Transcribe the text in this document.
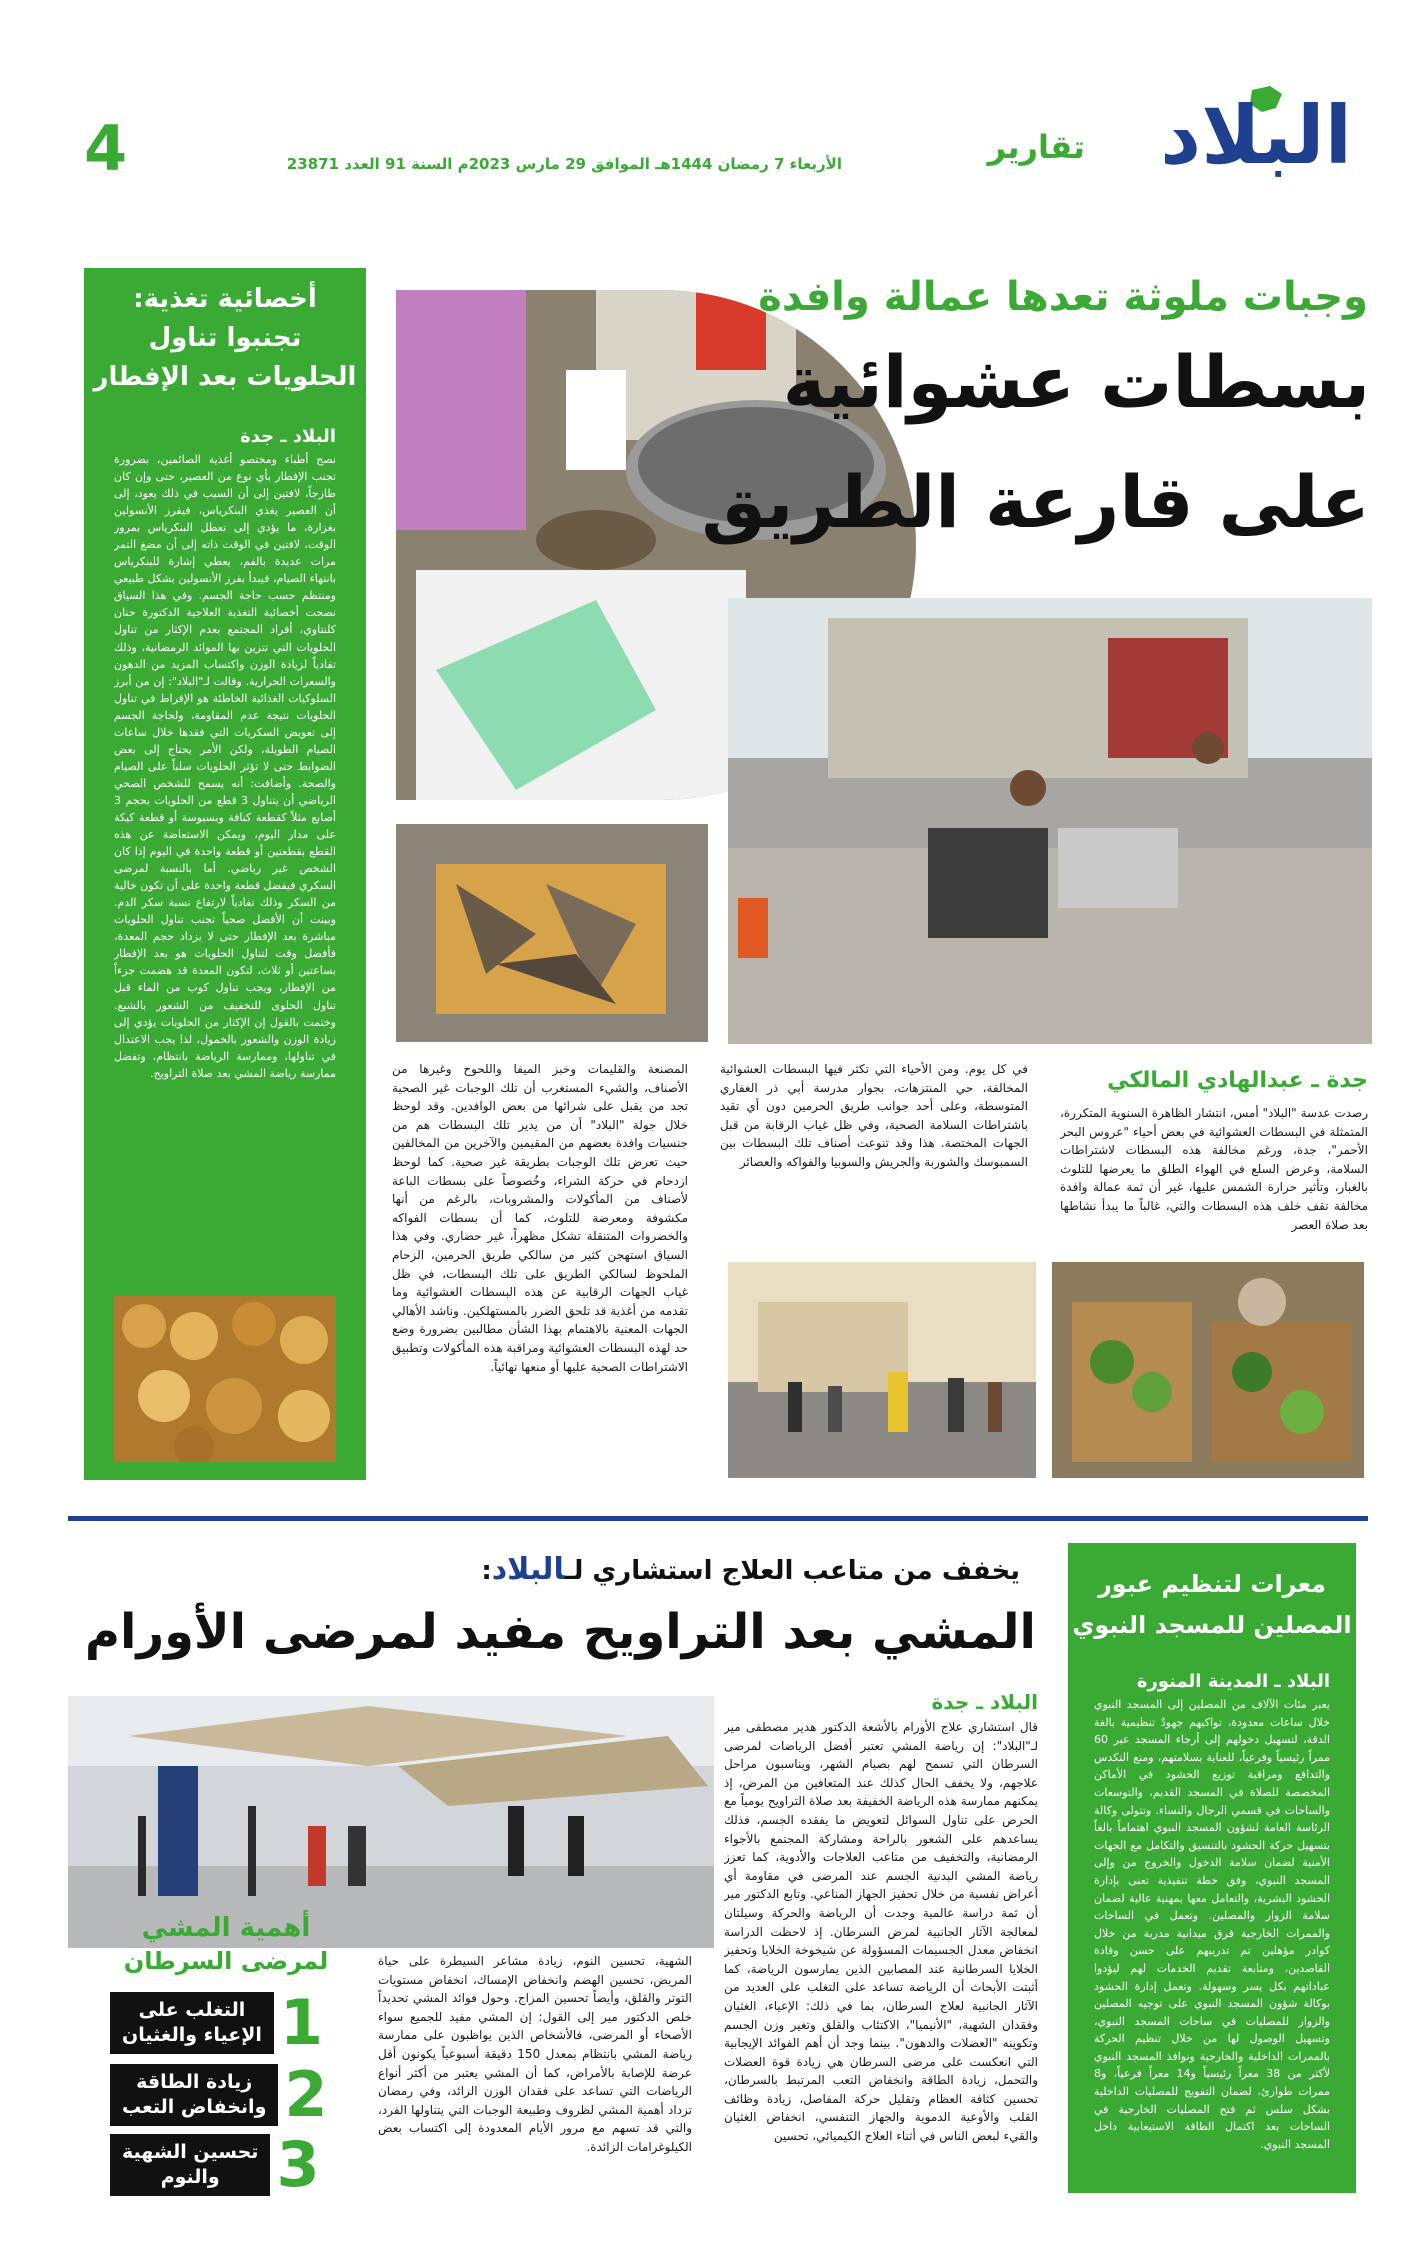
البلاد
تقارير
الأربعاء 7 رمضان 1444هـ الموافق 29 مارس 2023م السنة 91 العدد 23871
4
أخصائية تغذية:
تجنبوا تناول
الحلويات بعد الإفطار
البلاد ـ جدة
نصح أطباء ومختصو أغذية الصائمين، بضرورة تجنب الإفطار بأي نوع من العصير، حتى وإن كان طازجاً، لافتين إلى أن السبب في ذلك يعود، إلى أن العصير يغذي البنكرياس، فيفرز الأنسولين بغزارة، ما يؤدي إلى تعطل البنكرياس بمرور الوقت، لافتين في الوقت ذاته إلى أن مضغ التمر مرات عديدة بالفم، يعطي إشارة للبنكرياس بانتهاء الصيام، فيبدأ بفرز الأنسولين بشكل طبيعي ومنتظم حسب حاجة الجسم. وفي هذا السياق نصحت أخصائية التغذية العلاجية الدكتورة حنان كلنتاوي، أفراد المجتمع بعدم الإكثار من تناول الحلويات التي تتزين بها الموائد الرمضانية، وذلك تفادياً لزيادة الوزن واكتساب المزيد من الدهون والسعرات الحرارية. وقالت لـ"البلاد": إن من أبرز السلوكيات الغذائية الخاطئة هو الإفراط في تناول الحلويات نتيجة عدم المقاومة، ولحاجة الجسم إلى تعويض السكريات التي فقدها خلال ساعات الصيام الطويلة، ولكن الأمر يحتاج إلى بعض الضوابط حتى لا تؤثر الحلويات سلباً على الصيام والصحة. وأضافت: أنه يسمح للشخص الصحي الرياضي أن يتناول 3 قطع من الحلويات بحجم 3 أصابع مثلاً كقطعة كنافة وبسبوسة أو قطعة كيكة على مدار اليوم، ويمكن الاستعاضة عن هذه القطع بقطعتين أو قطعة واحدة في اليوم إذا كان الشخص غير رياضي. أما بالنسبة لمرضى السكري فيفضل قطعة واحدة على أن تكون خالية من السكر وذلك تفادياً لارتفاع نسبة سكر الدم. وبينت أن الأفضل صحياً تجنب تناول الحلويات مباشرة بعد الإفطار حتى لا يزداد حجم المعدة، فأفضل وقت لتناول الحلويات هو بعد الإفطار بساعتين أو ثلاث، لتكون المعدة قد هضمت جزءاً من الإفطار، ويجب تناول كوب من الماء قبل تناول الحلوى للتخفيف من الشعور بالشبع. وختمت بالقول إن الإكثار من الحلويات يؤدي إلى زيادة الوزن والشعور بالخمول، لذا يجب الاعتدال في تناولها، وممارسة الرياضة بانتظام، وتفضل ممارسة رياضة المشي بعد صلاة التراويح.
وجبات ملوثة تعدها عمالة وافدة
بسطات عشوائية
على قارعة الطريق
جدة ـ عبدالهادي المالكي
رصدت عدسة "البلاد" أمس، انتشار الظاهرة السنوية المتكررة، المتمثلة في البسطات العشوائية في بعض أحياء "عروس البحر الأحمر"، جدة، ورغم مخالفة هذه البسطات لاشتراطات السلامة، وعرض السلع في الهواء الطلق ما يعرضها للتلوث بالغبار، وتأثير حرارة الشمس عليها، غير أن ثمة عمالة وافدة مخالفة تقف خلف هذه البسطات والتي، غالباً ما يبدأ نشاطها بعد صلاة العصر
في كل يوم. ومن الأحياء التي تكثر فيها البسطات العشوائية المخالفة، حي المنتزهات، بجوار مدرسة أبي ذر الغفاري المتوسطة، وعلى أحد جوانب طريق الحرمين دون أي تقيد باشتراطات السلامة الصحية، وفي ظل غياب الرقابة من قبل الجهات المختصة. هذا وقد تنوعت أصناف تلك البسطات بين السمبوسك والشوربة والجريش والسوبيا والفواكه والعصائر
المصنعة والقليمات وخبز الميفا واللحوح وغيرها من الأصناف، والشيء المستغرب أن تلك الوجبات غير الصحية تجد من يقبل على شرائها من بعض الوافدين. وقد لوحظ خلال جولة "البلاد" أن من يدير تلك البسطات هم من جنسيات وافدة بعضهم من المقيمين والآخرين من المخالفين حيث تعرض تلك الوجبات بطريقة غير صحية. كما لوحظ ازدحام في حركة الشراء، وخُصوصاً على بسطات الباعة لأصناف من المأكولات والمشروبات، بالرغم من أنها مكشوفة ومعرضة للتلوث، كما أن بسطات الفواكه والخضروات المتنقلة تشكل مظهراً، غير حضاري. وفي هذا السياق استهجن كثير من سالكي طريق الحرمين، الزحام الملحوظ لسالكي الطريق على تلك البسطات، في ظل غياب الجهات الرقابية عن هذه البسطات العشوائية وما تقدمه من أغذية قد تلحق الضرر بالمستهلكين. وناشد الأهالي الجهات المعنية بالاهتمام بهذا الشأن مطالبين بضرورة وضع حد لهذه البسطات العشوائية ومراقبة هذه المأكولات وتطبيق الاشتراطات الصحية عليها أو منعها نهائياً.
معرات لتنظيم عبور
المصلين للمسجد النبوي
البلاد ـ المدينة المنورة
يعبر مئات الآلاف من المصلين إلى المسجد النبوي خلال ساعات معدودة، تواكبهم جهودٌ تنظيمية بالغة الدقة، لتسهيل دخولهم إلى أرجاء المسجد عبر 60 ممراً رئيسياً وفرعياً، للعناية بسلامتهم، ومنع التكدس والتدافع ومراقبة توزيع الحشود في الأماكن المخصصة للصلاة في المسجد القديم، والتوسعات والساحات في قسمي الرجال والنساء. وتتولى وكالة الرئاسة العامة لشؤون المسجد النبوي اهتماماً بالغاً بتسهيل حركة الحشود بالتنسيق والتكامل مع الجهات الأمنية لضمان سلامة الدخول والخروج من وإلى المسجد النبوي، وفق خطة تنفيذية تعنى بإدارة الحشود البشرية، والتعامل معها بمهنية عالية لضمان سلامة الزوار والمصلين. وتعمل في الساحات والممرات الخارجية فرق ميدانية مدربة من خلال كوادر مؤهلين تم تدريبهم على حسن وفادة القاصدين، ومتابعة تقديم الخدمات لهم ليؤدوا عباداتهم بكل يسر وسهولة. وتعمل إدارة الحشود بوكالة شؤون المسجد النبوي على توجيه المصلين والزوار للمصليات في ساحات المسجد النبوي، وتسهيل الوصول لها من خلال تنظيم الحركة بالممرات الداخلية والخارجية ونوافذ المسجد النبوي لأكثر من 38 معراً رئيسياً و14 معراً فرعياً، و8 ممرات طوارئ، لضمان التفويج للمصليات الداخلية بشكل سلس ثم فتح المصليات الخارجية في الساحات بعد اكتمال الطاقة الاستيعابية داخل المسجد النبوي.
يخفف من متاعب العلاج استشاري لـالبلاد:
المشي بعد التراويح مفيد لمرضى الأورام
البلاد ـ جدة
قال استشاري علاج الأورام بالأشعة الدكتور هدير مصطفى مير لـ"البلاد": إن رياضة المشي تعتبر أفضل الرياضات لمرضى السرطان التي تسمح لهم بصيام الشهر، ويناسبون مراحل علاجهم، ولا يخفف الحال كذلك عند المتعافين من المرض، إذ يمكنهم ممارسة هذه الرياضة الخفيفة بعد صلاة التراويح يومياً مع الحرص على تناول السوائل لتعويض ما يفقده الجسم، فذلك يساعدهم على الشعور بالراحة ومشاركة المجتمع بالأجواء الرمضانية، والتخفيف من متاعب العلاجات والأدوية، كما تعزز رياضة المشي البدنية الجسم عند المرضى في مقاومة أي أعراض نفسية من خلال تحفيز الجهاز المناعي. وتابع الدكتور مير أن ثمة دراسة عالمية وجدت أن الرياضة والحركة وسيلتان لمعالجة الآثار الجانبية لمرض السرطان. إذ لاحظت الدراسة انخفاض معدل الجسيمات المسؤولة عن شيخوخة الخلايا وتحفيز الخلايا السرطانية عند المصابين الذين يمارسون الرياضة، كما أثبتت الأبحاث أن الرياضة تساعد على التغلب على العديد من الآثار الجانبية لعلاج السرطان، بما في ذلك: الإعياء، الغثيان وفقدان الشهية، "الأنيميا"، الاكتئاب والقلق وتغير وزن الجسم وتكوينه "العضلات والدهون". بينما وجد أن أهم الفوائد الإيجابية التي انعكست على مرضى السرطان هي زيادة قوة العضلات والتحمل، زيادة الطاقة وانخفاض التعب المرتبط بالسرطان، تحسين كثافة العظام وتقليل حركة المفاصل، زيادة وظائف القلب والأوعية الدموية والجهاز التنفسي، انخفاض الغثيان والقيء لبعض الناس في أثناء العلاج الكيميائي، تحسين
الشهية، تحسين النوم، زيادة مشاعر السيطرة على حياة المريض، تحسين الهضم وانخفاض الإمساك، انخفاض مستويات التوتر والقلق، وأيضاً تحسين المزاج. وحول فوائد المشي تحديداً خلص الدكتور مير إلى القول: إن المشي مفيد للجميع سواء الأصحاء أو المرضى، فالأشخاص الذين يواظبون على ممارسة رياضة المشي بانتظام بمعدل 150 دقيقة أسبوعياً يكونون أقل عرضة للإصابة بالأمراض، كما أن المشي يعتبر من أكثر أنواع الرياضات التي تساعد على فقدان الوزن الزائد، وفي رمضان تزداد أهمية المشي لظروف وطبيعة الوجبات التي يتناولها الفرد، والتي قد تسهم مع مرور الأيام المعدودة إلى اكتساب بعض الكيلوغرامات الزائدة.
أهمية المشي
لمرضى السرطان
1
التغلب على
الإعياء والغثيان
2
زيادة الطاقة
وانخفاض التعب
3
تحسين الشهية
والنوم
